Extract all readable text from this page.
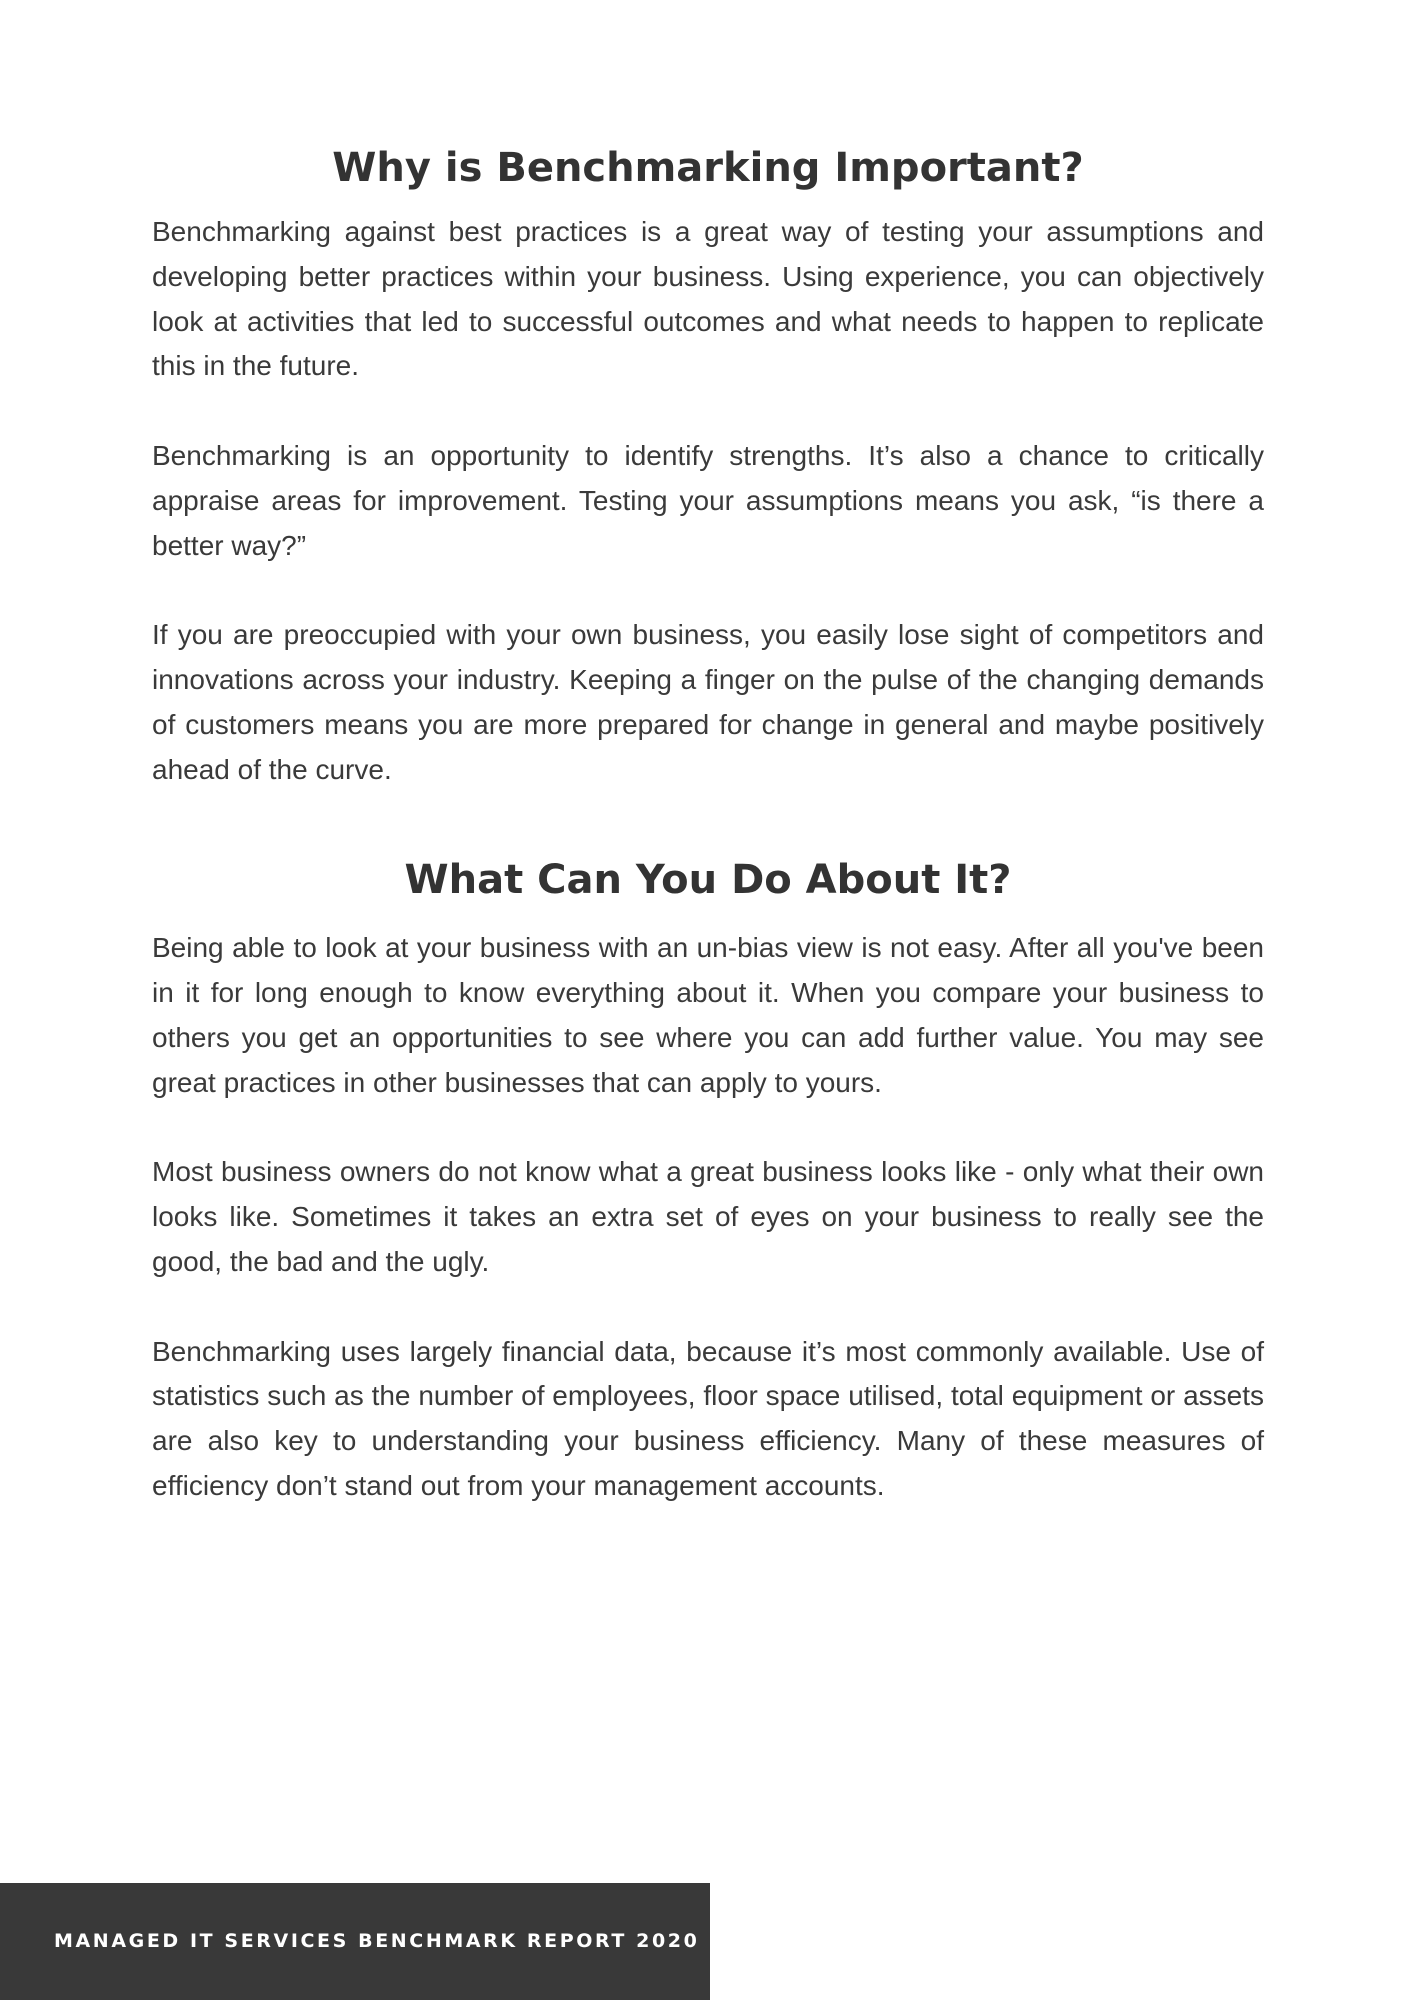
Why is Benchmarking Important?

Benchmarking against best practices is a great way of testing your assumptions and developing better practices within your business. Using experience, you can objectively look at activities that led to successful outcomes and what needs to happen to replicate this in the future.

Benchmarking is an opportunity to identify strengths. It’s also a chance to critically appraise areas for improvement. Testing your assumptions means you ask, “is there a better way?”

If you are preoccupied with your own business, you easily lose sight of competitors and innovations across your industry. Keeping a finger on the pulse of the changing demands of customers means you are more prepared for change in general and maybe positively ahead of the curve.

What Can You Do About It?

Being able to look at your business with an un-bias view is not easy. After all you've been in it for long enough to know everything about it. When you compare your business to others you get an opportunities to see where you can add further value. You may see great practices in other businesses that can apply to yours.

Most business owners do not know what a great business looks like - only what their own looks like. Sometimes it takes an extra set of eyes on your business to really see the good, the bad and the ugly.

Benchmarking uses largely financial data, because it’s most commonly available. Use of statistics such as the number of employees, floor space utilised, total equipment or assets are also key to understanding your business efficiency. Many of these measures of efficiency don’t stand out from your management accounts.

MANAGED IT SERVICES BENCHMARK REPORT 2020
